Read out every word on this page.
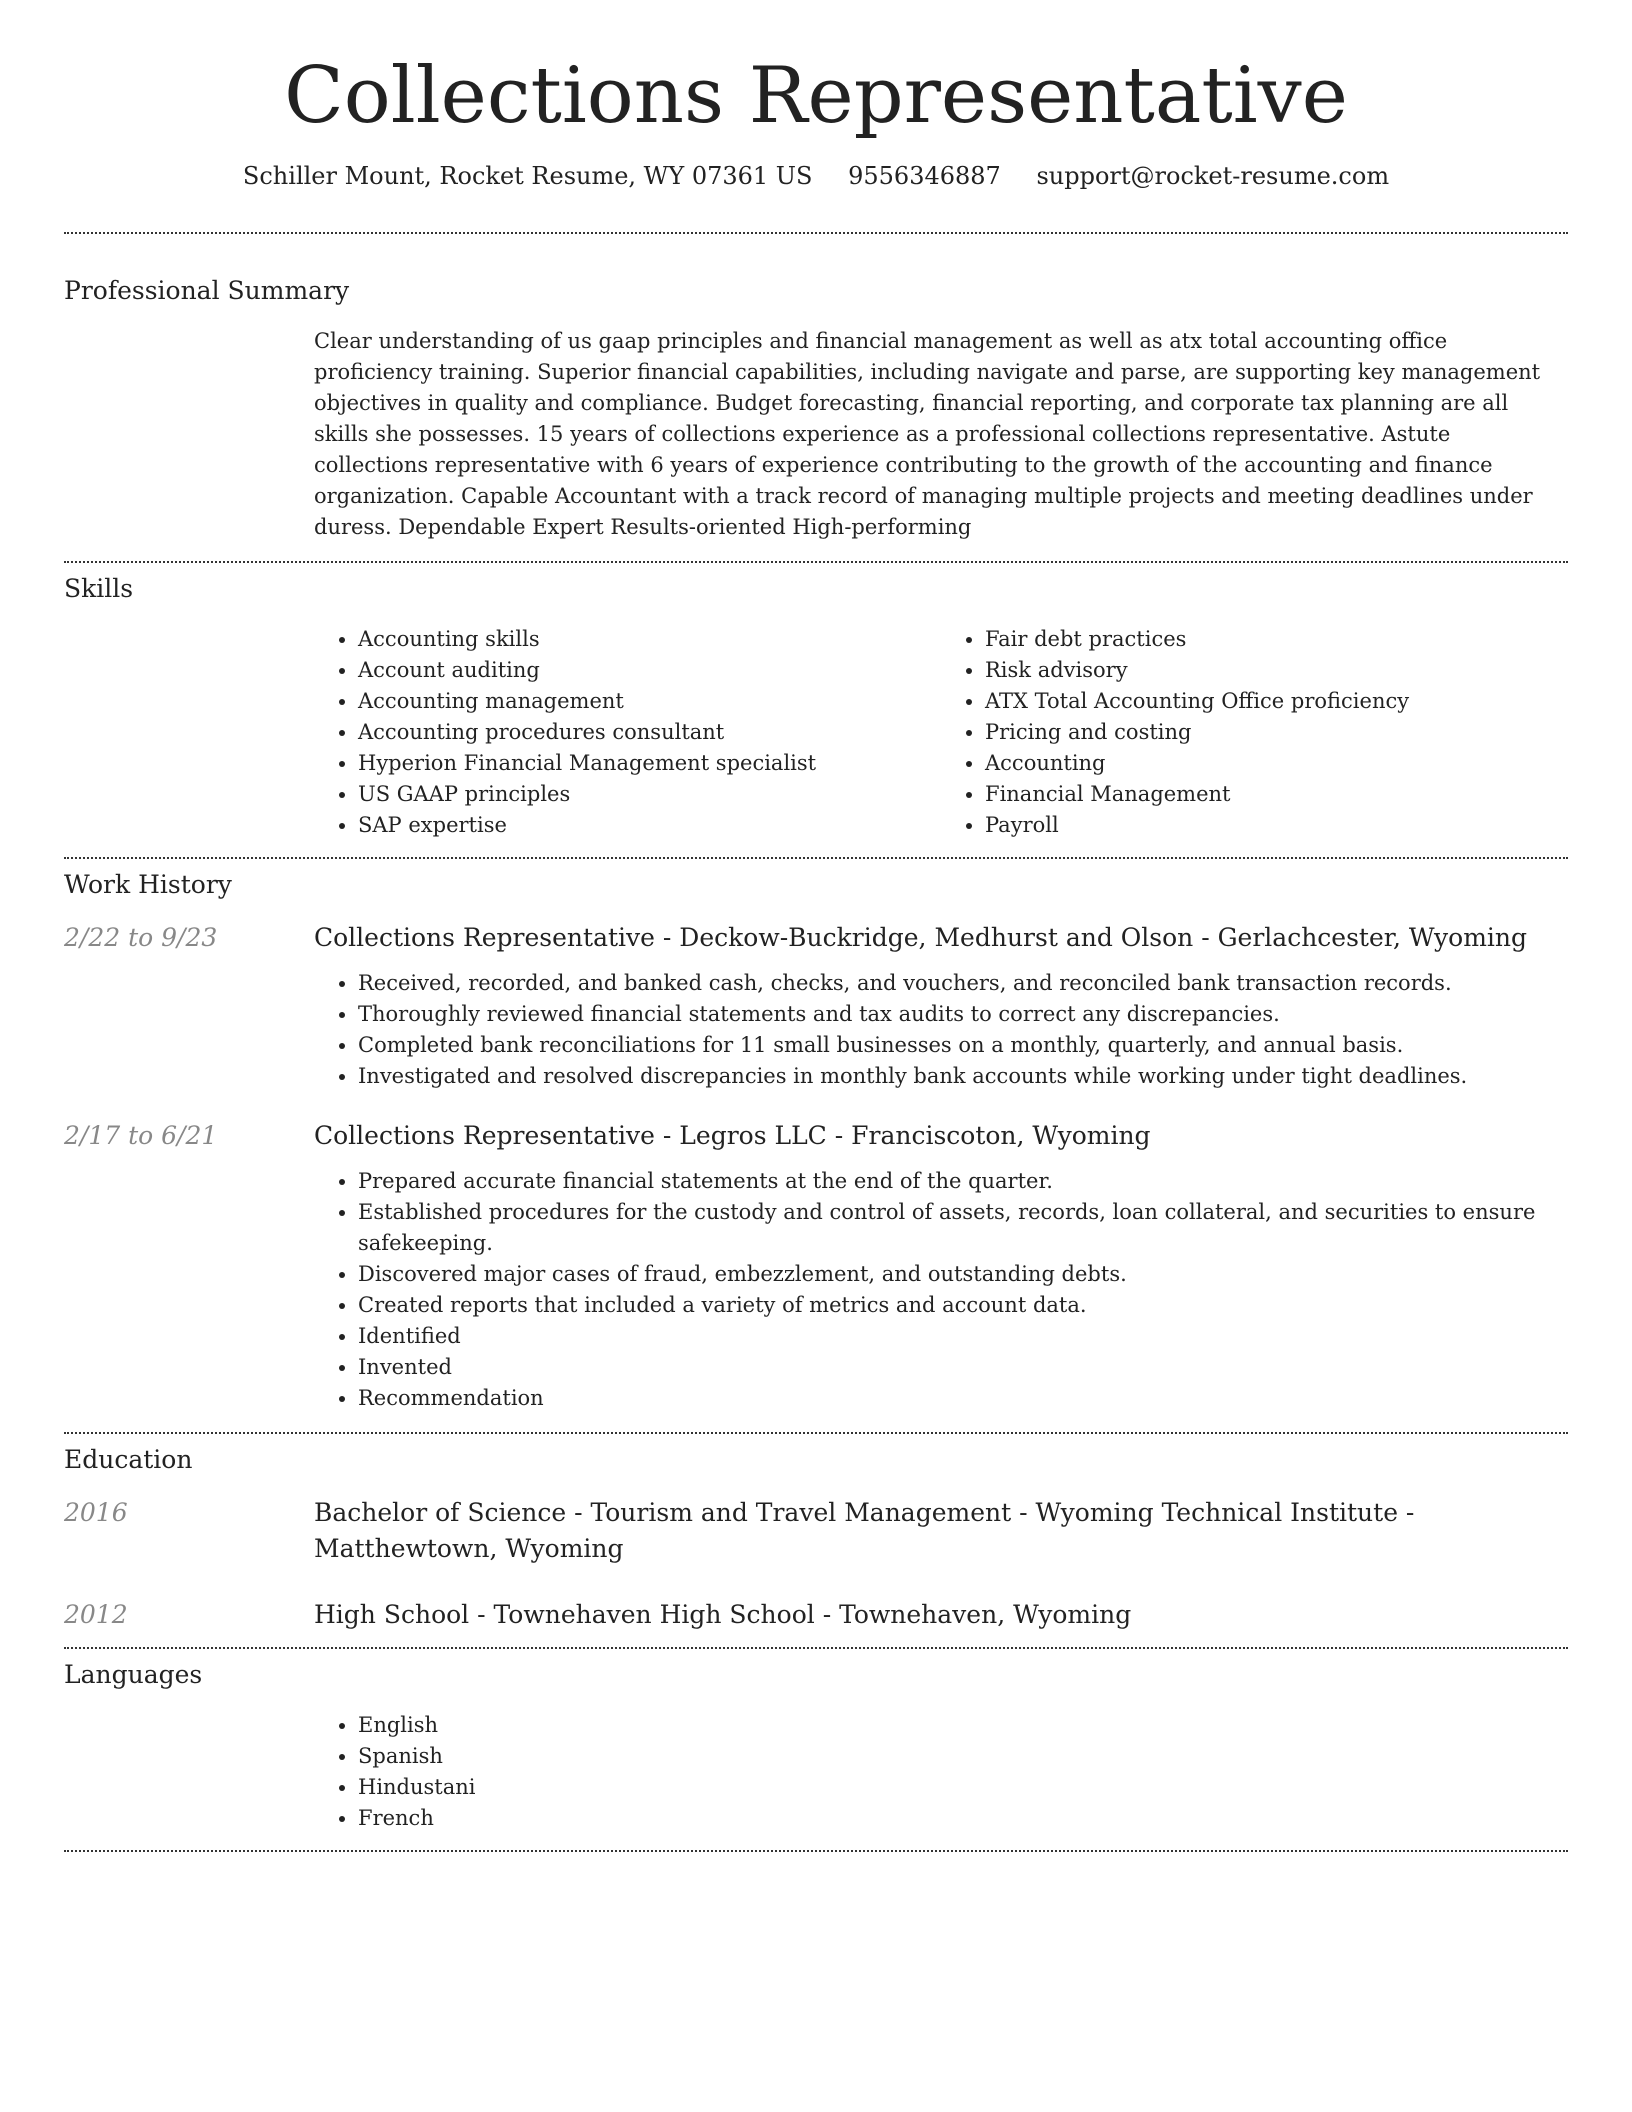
Collections Representative
Schiller Mount, Rocket Resume, WY 07361 US 9556346887 support@rocket-resume.com
Professional Summary
Clear understanding of us gaap principles and financial management as well as atx total accounting office proficiency training. Superior financial capabilities, including navigate and parse, are supporting key management objectives in quality and compliance. Budget forecasting, financial reporting, and corporate tax planning are all skills she possesses. 15 years of collections experience as a professional collections representative. Astute collections representative with 6 years of experience contributing to the growth of the accounting and finance organization. Capable Accountant with a track record of managing multiple projects and meeting deadlines under duress. Dependable Expert Results-oriented High-performing
Skills
• Accounting skills
• Account auditing
• Accounting management
• Accounting procedures consultant
• Hyperion Financial Management specialist
• US GAAP principles
• SAP expertise
• Fair debt practices
• Risk advisory
• ATX Total Accounting Office proficiency
• Pricing and costing
• Accounting
• Financial Management
• Payroll
Work History
2/22 to 9/23	Collections Representative - Deckow-Buckridge, Medhurst and Olson - Gerlachcester, Wyoming
• Received, recorded, and banked cash, checks, and vouchers, and reconciled bank transaction records.
• Thoroughly reviewed financial statements and tax audits to correct any discrepancies.
• Completed bank reconciliations for 11 small businesses on a monthly, quarterly, and annual basis.
• Investigated and resolved discrepancies in monthly bank accounts while working under tight deadlines.
2/17 to 6/21	Collections Representative - Legros LLC - Franciscoton, Wyoming
• Prepared accurate financial statements at the end of the quarter.
• Established procedures for the custody and control of assets, records, loan collateral, and securities to ensure safekeeping.
• Discovered major cases of fraud, embezzlement, and outstanding debts.
• Created reports that included a variety of metrics and account data.
• Identified
• Invented
• Recommendation
Education
2016	Bachelor of Science - Tourism and Travel Management - Wyoming Technical Institute - Matthewtown, Wyoming
2012	High School - Townehaven High School - Townehaven, Wyoming
Languages
• English
• Spanish
• Hindustani
• French
